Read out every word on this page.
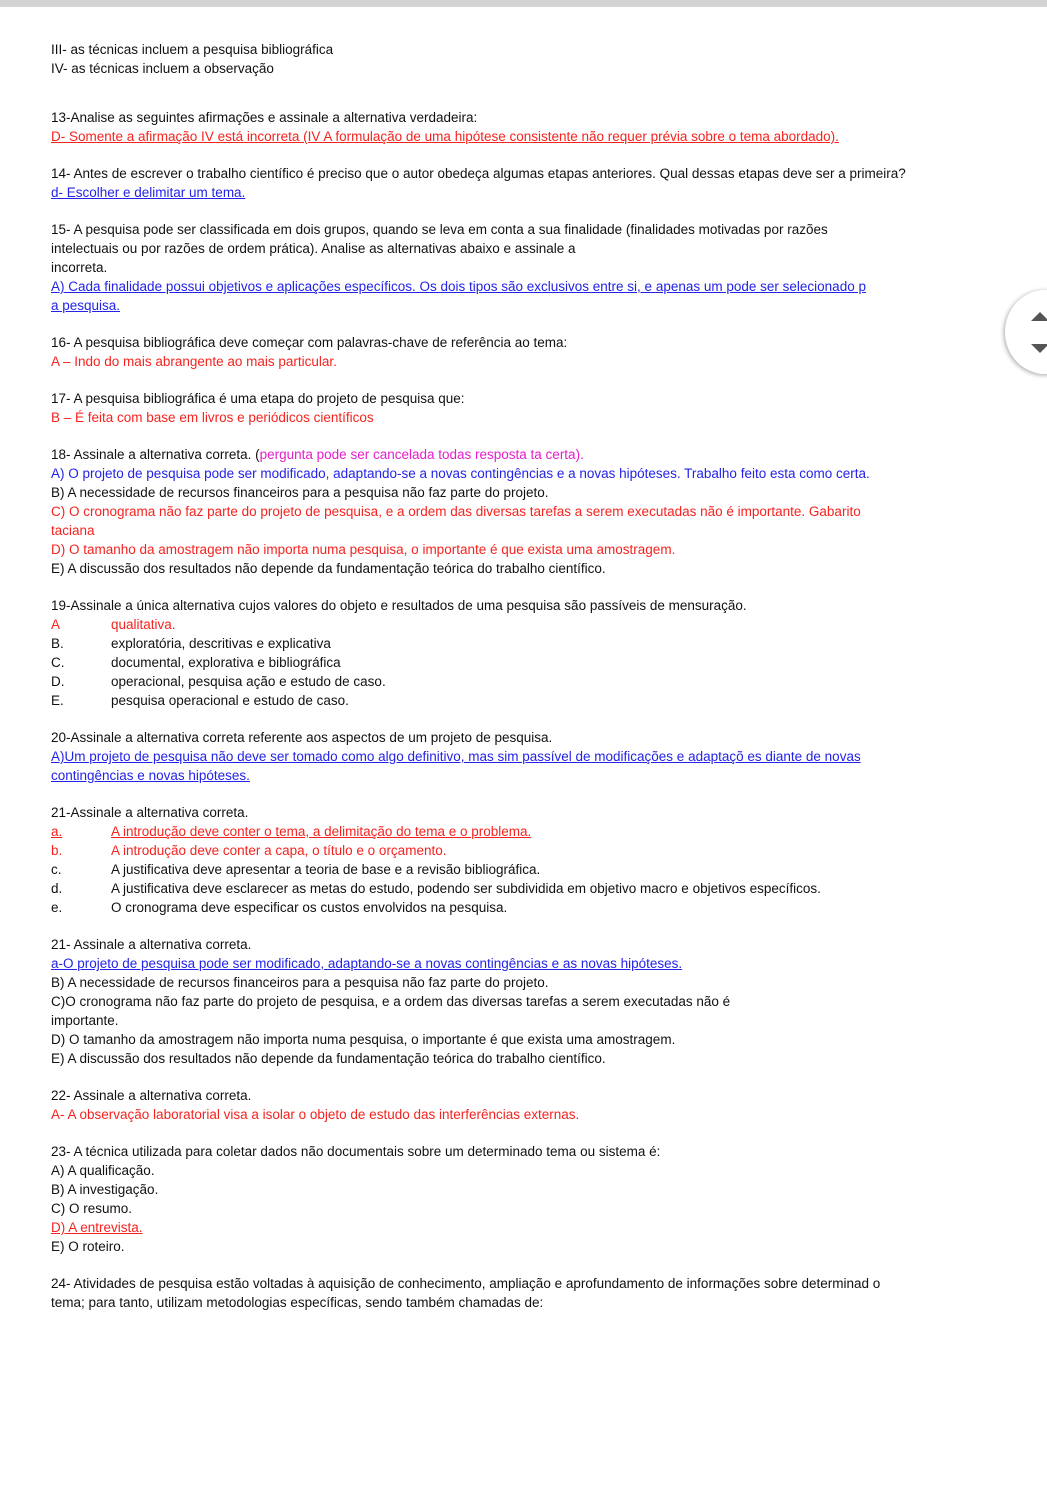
III- as técnicas incluem a pesquisa bibliográfica
IV- as técnicas incluem a observação
13-Analise as seguintes afirmações e assinale a alternativa verdadeira:
D- Somente a afirmação IV está incorreta (IV A formulação de uma hipótese consistente não requer prévia sobre o tema abordado).
14- Antes de escrever o trabalho científico é preciso que o autor obedeça algumas etapas anteriores. Qual dessas etapas deve ser a primeira?
d- Escolher e delimitar um tema.
15- A pesquisa pode ser classificada em dois grupos, quando se leva em conta a sua finalidade (finalidades motivadas por razões
intelectuais ou por razões de ordem prática). Analise as alternativas abaixo e assinale a
incorreta.
A) Cada finalidade possui objetivos e aplicações específicos. Os dois tipos são exclusivos entre si, e apenas um pode ser selecionado p
a pesquisa.
16- A pesquisa bibliográfica deve começar com palavras-chave de referência ao tema:
A – Indo do mais abrangente ao mais particular.
17- A pesquisa bibliográfica é uma etapa do projeto de pesquisa que:
B – É feita com base em livros e periódicos científicos
18- Assinale a alternativa correta. (pergunta pode ser cancelada todas resposta ta certa).
A) O projeto de pesquisa pode ser modificado, adaptando-se a novas contingências e a novas hipóteses. Trabalho feito esta como certa.
B) A necessidade de recursos financeiros para a pesquisa não faz parte do projeto.
C) O cronograma não faz parte do projeto de pesquisa, e a ordem das diversas tarefas a serem executadas não é importante. Gabarito
taciana
D) O tamanho da amostragem não importa numa pesquisa, o importante é que exista uma amostragem.
E) A discussão dos resultados não depende da fundamentação teórica do trabalho científico.
19-Assinale a única alternativa cujos valores do objeto e resultados de uma pesquisa são passíveis de mensuração.
A	qualitativa.
B.	exploratória, descritivas e explicativa
C.	documental, explorativa e bibliográfica
D.	operacional, pesquisa ação e estudo de caso.
E.	pesquisa operacional e estudo de caso.
20-Assinale a alternativa correta referente aos aspectos de um projeto de pesquisa.
A)Um projeto de pesquisa não deve ser tomado como algo definitivo, mas sim passível de modificações e adaptaçõ es diante de novas
contingências e novas hipóteses.
21-Assinale a alternativa correta.
a.	A introdução deve conter o tema, a delimitação do tema e o problema.
b.	A introdução deve conter a capa, o título e o orçamento.
c.	A justificativa deve apresentar a teoria de base e a revisão bibliográfica.
d.	A justificativa deve esclarecer as metas do estudo, podendo ser subdividida em objetivo macro e objetivos específicos.
e.	O cronograma deve especificar os custos envolvidos na pesquisa.
21- Assinale a alternativa correta.
a-O projeto de pesquisa pode ser modificado, adaptando-se a novas contingências e as novas hipóteses.
B) A necessidade de recursos financeiros para a pesquisa não faz parte do projeto.
C)O cronograma não faz parte do projeto de pesquisa, e a ordem das diversas tarefas a serem executadas não é
importante.
D) O tamanho da amostragem não importa numa pesquisa, o importante é que exista uma amostragem.
E) A discussão dos resultados não depende da fundamentação teórica do trabalho científico.
22- Assinale a alternativa correta.
A- A observação laboratorial visa a isolar o objeto de estudo das interferências externas.
23- A técnica utilizada para coletar dados não documentais sobre um determinado tema ou sistema é:
A) A qualificação.
B) A investigação.
C) O resumo.
D) A entrevista.
E) O roteiro.
24- Atividades de pesquisa estão voltadas à aquisição de conhecimento, ampliação e aprofundamento de informações sobre determinad o
tema; para tanto, utilizam metodologias específicas, sendo também chamadas de:
